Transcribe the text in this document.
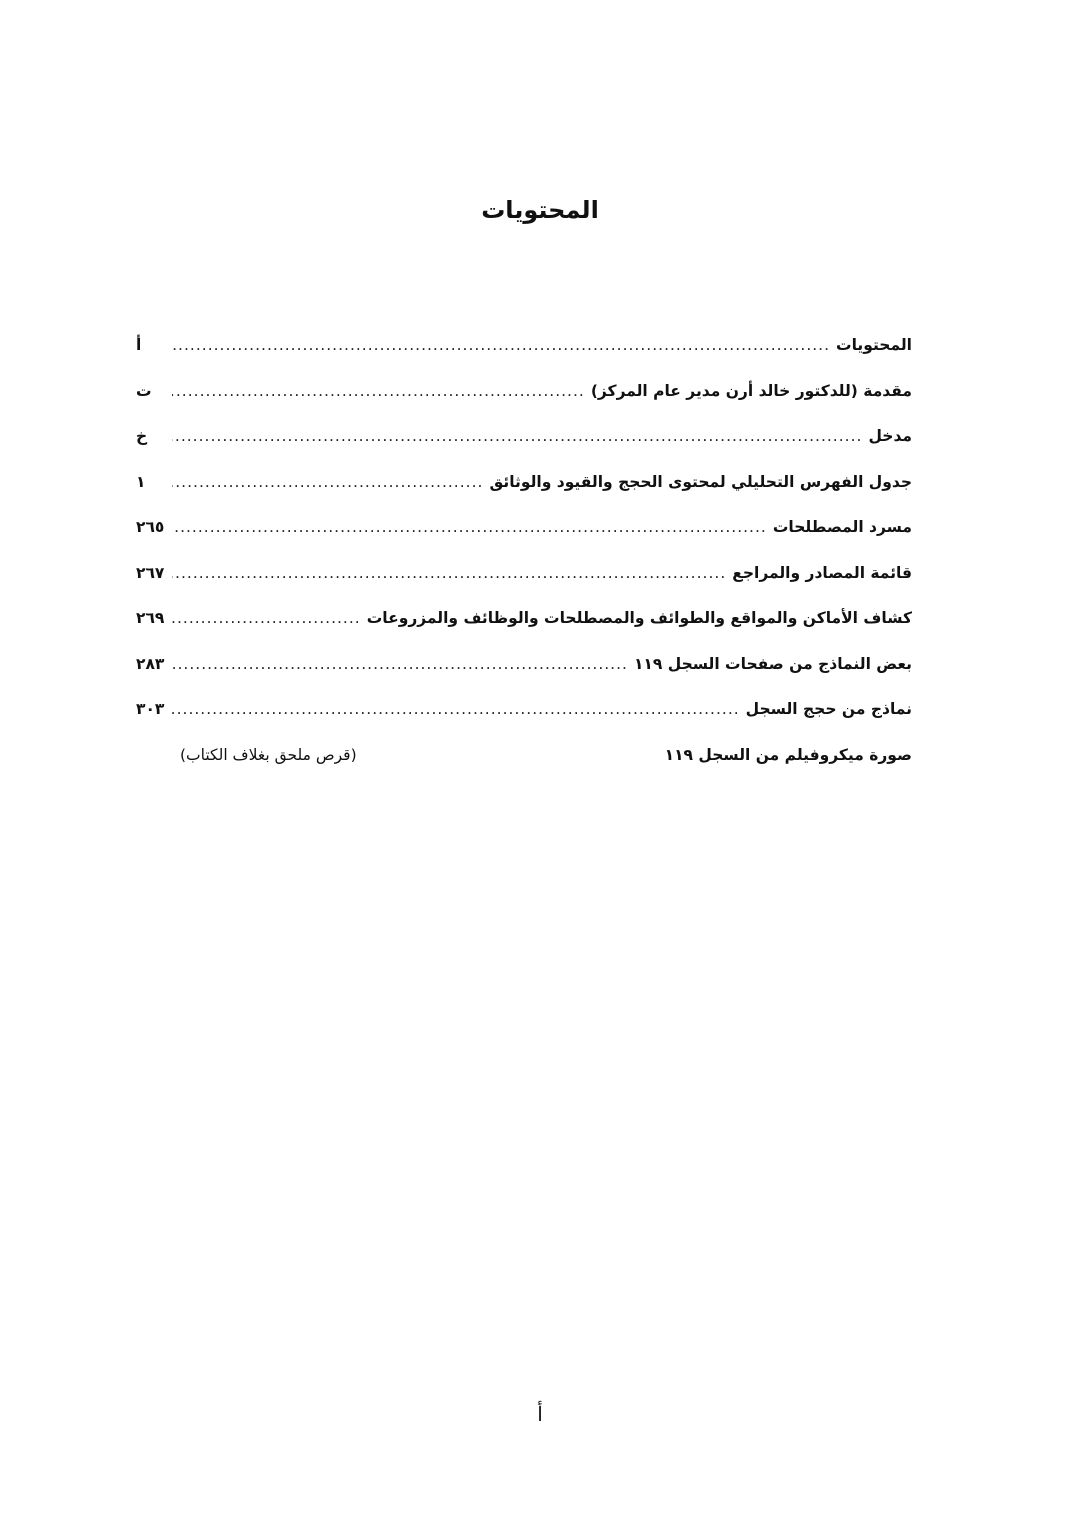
المحتويات
المحتويات
.....
أ
مقدمة (للدكتور خالد أرن مدير عام المركز)
.....
ت
مدخل
.....
خ
جدول الفهرس التحليلي لمحتوى الحجج والقيود والوثائق
.....
١
مسرد المصطلحات
.....
٢٦٥
قائمة المصادر والمراجع
.....
٢٦٧
كشاف الأماكن والمواقع والطوائف والمصطلحات والوظائف والمزروعات
.....
٢٦٩
بعض النماذج من صفحات السجل ١١٩
.....
٢٨٣
نماذج من حجج السجل
.....
٣٠٣
صورة ميكروفيلم من السجل ١١٩
(قرص ملحق بغلاف الكتاب)
أ
